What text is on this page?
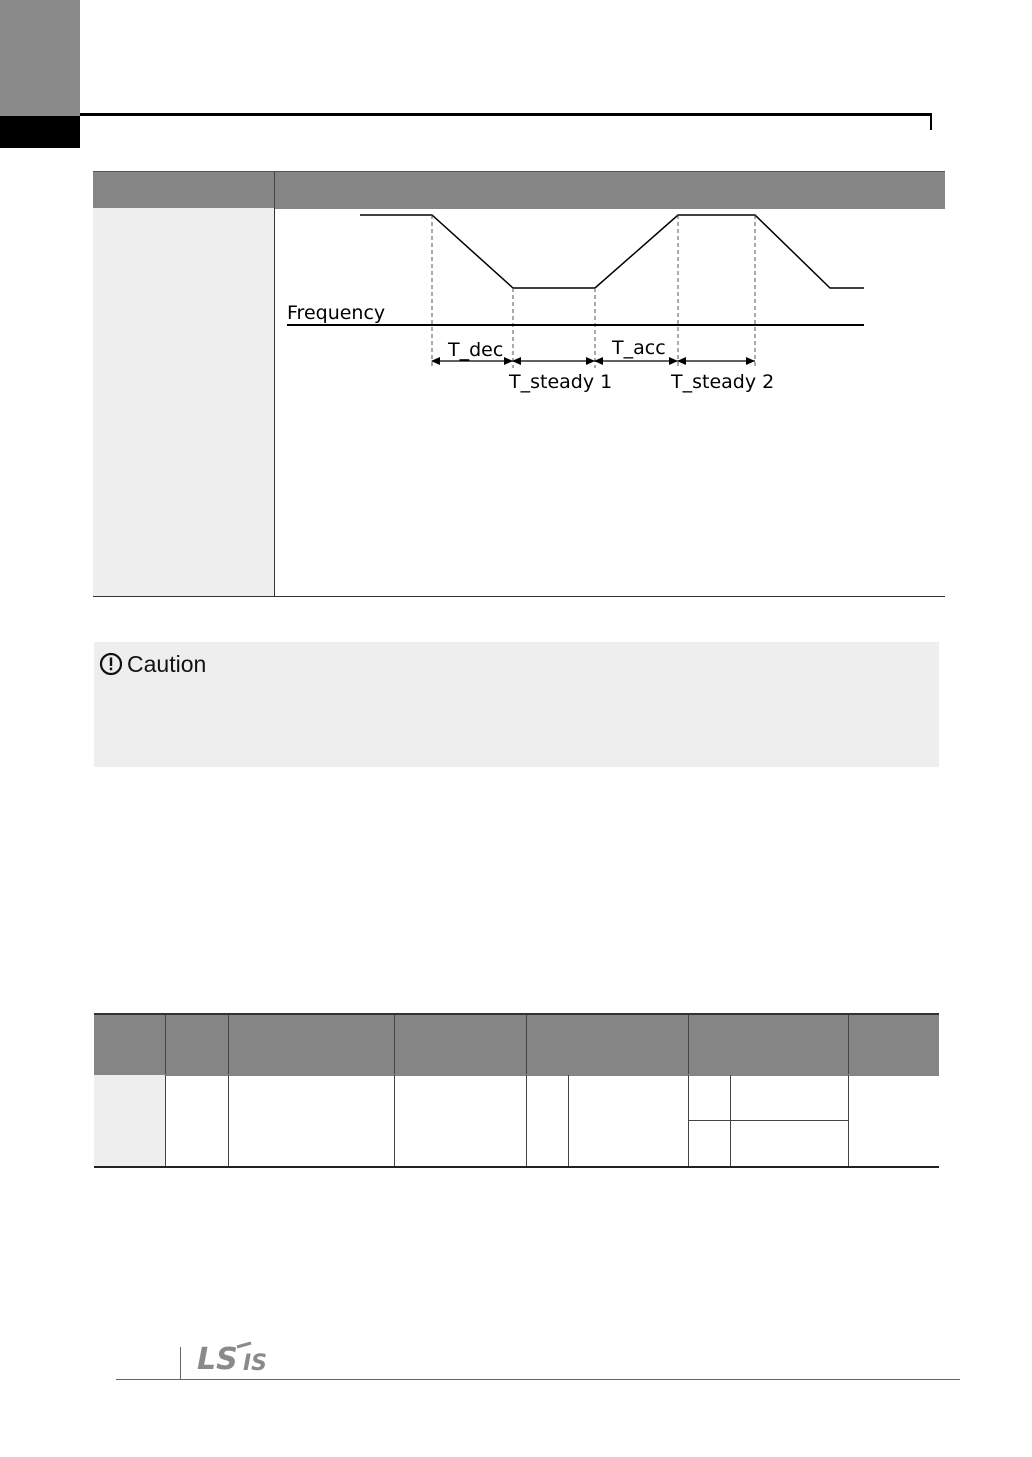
Frequency
T_dec	T_acc
T_steady 1	T_steady 2
Caution
LS IS
